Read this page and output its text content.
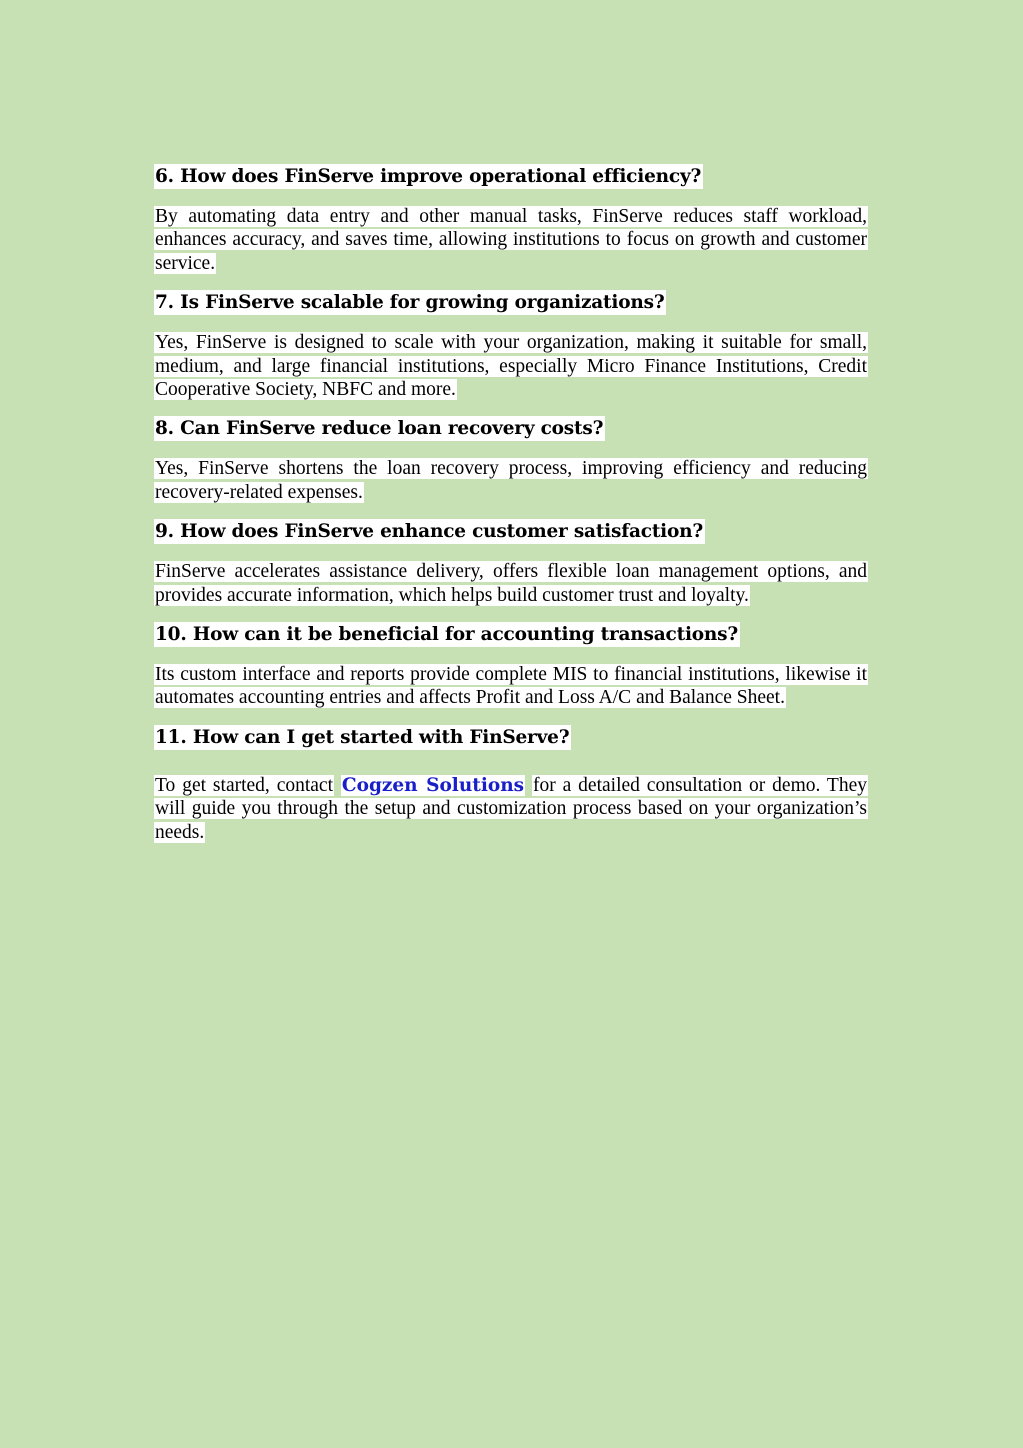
6. How does FinServe improve operational efficiency?

By automating data entry and other manual tasks, FinServe reduces staff workload, enhances accuracy, and saves time, allowing institutions to focus on growth and customer service.

7. Is FinServe scalable for growing organizations?

Yes, FinServe is designed to scale with your organization, making it suitable for small, medium, and large financial institutions, especially Micro Finance Institutions, Credit Cooperative Society, NBFC and more.

8. Can FinServe reduce loan recovery costs?

Yes, FinServe shortens the loan recovery process, improving efficiency and reducing recovery-related expenses.

9. How does FinServe enhance customer satisfaction?

FinServe accelerates assistance delivery, offers flexible loan management options, and provides accurate information, which helps build customer trust and loyalty.

10. How can it be beneficial for accounting transactions?

Its custom interface and reports provide complete MIS to financial institutions, likewise it automates accounting entries and affects Profit and Loss A/C and Balance Sheet.

11. How can I get started with FinServe?

To get started, contact Cogzen Solutions for a detailed consultation or demo. They will guide you through the setup and customization process based on your organization’s needs.
